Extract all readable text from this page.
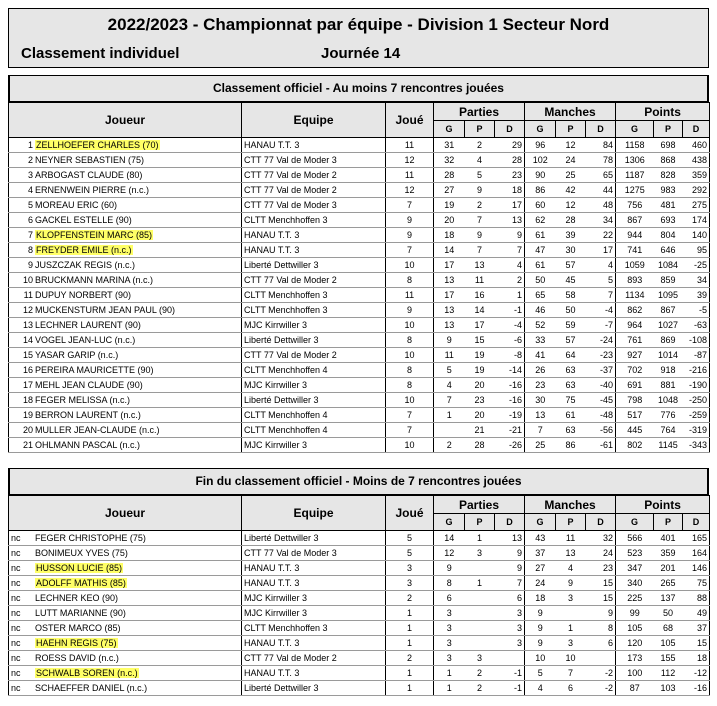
2022/2023 - Championnat par équipe - Division 1 Secteur Nord
Classement individuel	Journée 14
Classement officiel - Au moins 7 rencontres jouées
Joueur	Equipe	Joué	Parties			Manches			Points		
			G	P	D	G	P	D	G	P	D
1 ZELLHOEFER CHARLES (70)	HANAU T.T. 3	11	31	2	29	96	12	84	1158	698	460
2 NEYNER SEBASTIEN (75)	CTT 77 Val de Moder 3	12	32	4	28	102	24	78	1306	868	438
3 ARBOGAST CLAUDE (80)	CTT 77 Val de Moder 2	11	28	5	23	90	25	65	1187	828	359
4 ERNENWEIN PIERRE (n.c.)	CTT 77 Val de Moder 2	12	27	9	18	86	42	44	1275	983	292
5 MOREAU ERIC (60)	CTT 77 Val de Moder 3	7	19	2	17	60	12	48	756	481	275
6 GACKEL ESTELLE (90)	CLTT Menchhoffen 3	9	20	7	13	62	28	34	867	693	174
7 KLOPFENSTEIN MARC (85)	HANAU T.T. 3	9	18	9	9	61	39	22	944	804	140
8 FREYDER EMILE (n.c.)	HANAU T.T. 3	7	14	7	7	47	30	17	741	646	95
9 JUSZCZAK REGIS (n.c.)	Liberté Dettwiller 3	10	17	13	4	61	57	4	1059	1084	-25
10 BRUCKMANN MARINA (n.c.)	CTT 77 Val de Moder 2	8	13	11	2	50	45	5	893	859	34
11 DUPUY NORBERT (90)	CLTT Menchhoffen 3	11	17	16	1	65	58	7	1134	1095	39
12 MUCKENSTURM JEAN PAUL (90)	CLTT Menchhoffen 3	9	13	14	-1	46	50	-4	862	867	-5
13 LECHNER LAURENT (90)	MJC Kirrwiller 3	10	13	17	-4	52	59	-7	964	1027	-63
14 VOGEL JEAN-LUC (n.c.)	Liberté Dettwiller 3	8	9	15	-6	33	57	-24	761	869	-108
15 YASAR GARIP (n.c.)	CTT 77 Val de Moder 2	10	11	19	-8	41	64	-23	927	1014	-87
16 PEREIRA MAURICETTE (90)	CLTT Menchhoffen 4	8	5	19	-14	26	63	-37	702	918	-216
17 MEHL JEAN CLAUDE (90)	MJC Kirrwiller 3	8	4	20	-16	23	63	-40	691	881	-190
18 FEGER MELISSA (n.c.)	Liberté Dettwiller 3	10	7	23	-16	30	75	-45	798	1048	-250
19 BERRON LAURENT (n.c.)	CLTT Menchhoffen 4	7	1	20	-19	13	61	-48	517	776	-259
20 MULLER JEAN-CLAUDE (n.c.)	CLTT Menchhoffen 4	7		21	-21	7	63	-56	445	764	-319
21 OHLMANN PASCAL (n.c.)	MJC Kirrwiller 3	10	2	28	-26	25	86	-61	802	1145	-343
Fin du classement officiel - Moins de 7 rencontres jouées
Joueur	Equipe	Joué	Parties			Manches			Points		
			G	P	D	G	P	D	G	P	D
nc FEGER CHRISTOPHE (75)	Liberté Dettwiller 3	5	14	1	13	43	11	32	566	401	165
nc BONIMEUX YVES (75)	CTT 77 Val de Moder 3	5	12	3	9	37	13	24	523	359	164
nc HUSSON LUCIE (85)	HANAU T.T. 3	3	9		9	27	4	23	347	201	146
nc ADOLFF MATHIS (85)	HANAU T.T. 3	3	8	1	7	24	9	15	340	265	75
nc LECHNER KEO (90)	MJC Kirrwiller 3	2	6		6	18	3	15	225	137	88
nc LUTT MARIANNE (90)	MJC Kirrwiller 3	1	3		3	9		9	99	50	49
nc OSTER MARCO (85)	CLTT Menchhoffen 3	1	3		3	9	1	8	105	68	37
nc HAEHN REGIS (75)	HANAU T.T. 3	1	3		3	9	3	6	120	105	15
nc ROESS DAVID (n.c.)	CTT 77 Val de Moder 2	2	3	3		10	10		173	155	18
nc SCHWALB SOREN (n.c.)	HANAU T.T. 3	1	1	2	-1	5	7	-2	100	112	-12
nc SCHAEFFER DANIEL (n.c.)	Liberté Dettwiller 3	1	1	2	-1	4	6	-2	87	103	-16
